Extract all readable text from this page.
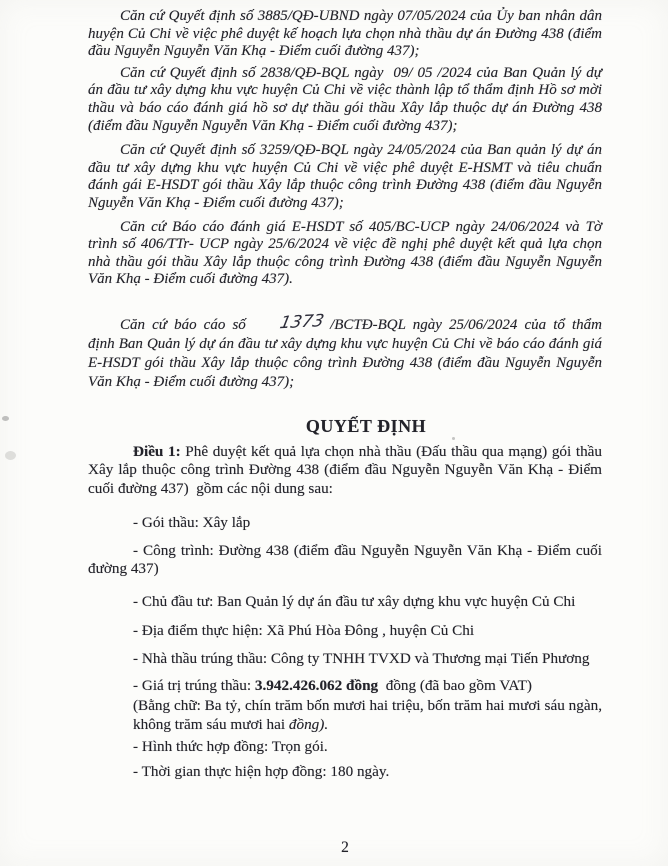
Căn cứ Quyết định số 3885/QĐ-UBND ngày 07/05/2024 của Ủy ban nhân dân huyện Củ Chi về việc phê duyệt kế hoạch lựa chọn nhà thầu dự án Đường 438 (điểm đầu Nguyễn Nguyễn Văn Khạ - Điểm cuối đường 437);

Căn cứ Quyết định số 2838/QĐ-BQL ngày  09/ 05 /2024 của Ban Quản lý dự án đầu tư xây dựng khu vực huyện Củ Chi về việc thành lập tổ thẩm định Hồ sơ mời thầu và báo cáo đánh giá hồ sơ dự thầu gói thầu Xây lắp thuộc dự án Đường 438 (điểm đầu Nguyễn Nguyễn Văn Khạ - Điểm cuối đường 437);

Căn cứ Quyết định số 3259/QĐ-BQL ngày 24/05/2024 của Ban quản lý dự án đầu tư xây dựng khu vực huyện Củ Chi về việc phê duyệt E-HSMT và tiêu chuẩn đánh gái E-HSDT gói thầu Xây lắp thuộc công trình Đường 438 (điểm đầu Nguyễn Nguyễn Văn Khạ - Điểm cuối đường 437);

Căn cứ Báo cáo đánh giá E-HSDT số 405/BC-UCP ngày 24/06/2024 và Tờ trình số 406/TTr- UCP ngày 25/6/2024 về việc đề nghị phê duyệt kết quả lựa chọn nhà thầu gói thầu Xây lắp thuộc công trình Đường 438 (điểm đầu Nguyễn Nguyễn Văn Khạ - Điểm cuối đường 437).

Căn cứ báo cáo số 1373 /BCTĐ-BQL ngày 25/06/2024 của tổ thẩm định Ban Quản lý dự án đầu tư xây dựng khu vực huyện Củ Chi về báo cáo đánh giá E-HSDT gói thầu Xây lắp thuộc công trình Đường 438 (điểm đầu Nguyễn Nguyễn Văn Khạ - Điểm cuối đường 437);

QUYẾT ĐỊNH

Điều 1: Phê duyệt kết quả lựa chọn nhà thầu (Đấu thầu qua mạng) gói thầu Xây lắp thuộc công trình Đường 438 (điểm đầu Nguyễn Nguyễn Văn Khạ - Điểm cuối đường 437)  gồm các nội dung sau:

- Gói thầu: Xây lắp

- Công trình: Đường 438 (điểm đầu Nguyễn Nguyễn Văn Khạ - Điểm cuối đường 437)

- Chủ đầu tư: Ban Quản lý dự án đầu tư xây dựng khu vực huyện Củ Chi

- Địa điểm thực hiện: Xã Phú Hòa Đông , huyện Củ Chi

- Nhà thầu trúng thầu: Công ty TNHH TVXD và Thương mại Tiến Phương

- Giá trị trúng thầu: 3.942.426.062 đồng  đồng (đã bao gồm VAT)

(Bằng chữ: Ba tỷ, chín trăm bốn mươi hai triệu, bốn trăm hai mươi sáu ngàn, không trăm sáu mươi hai đồng).

- Hình thức hợp đồng: Trọn gói.

- Thời gian thực hiện hợp đồng: 180 ngày.

2
